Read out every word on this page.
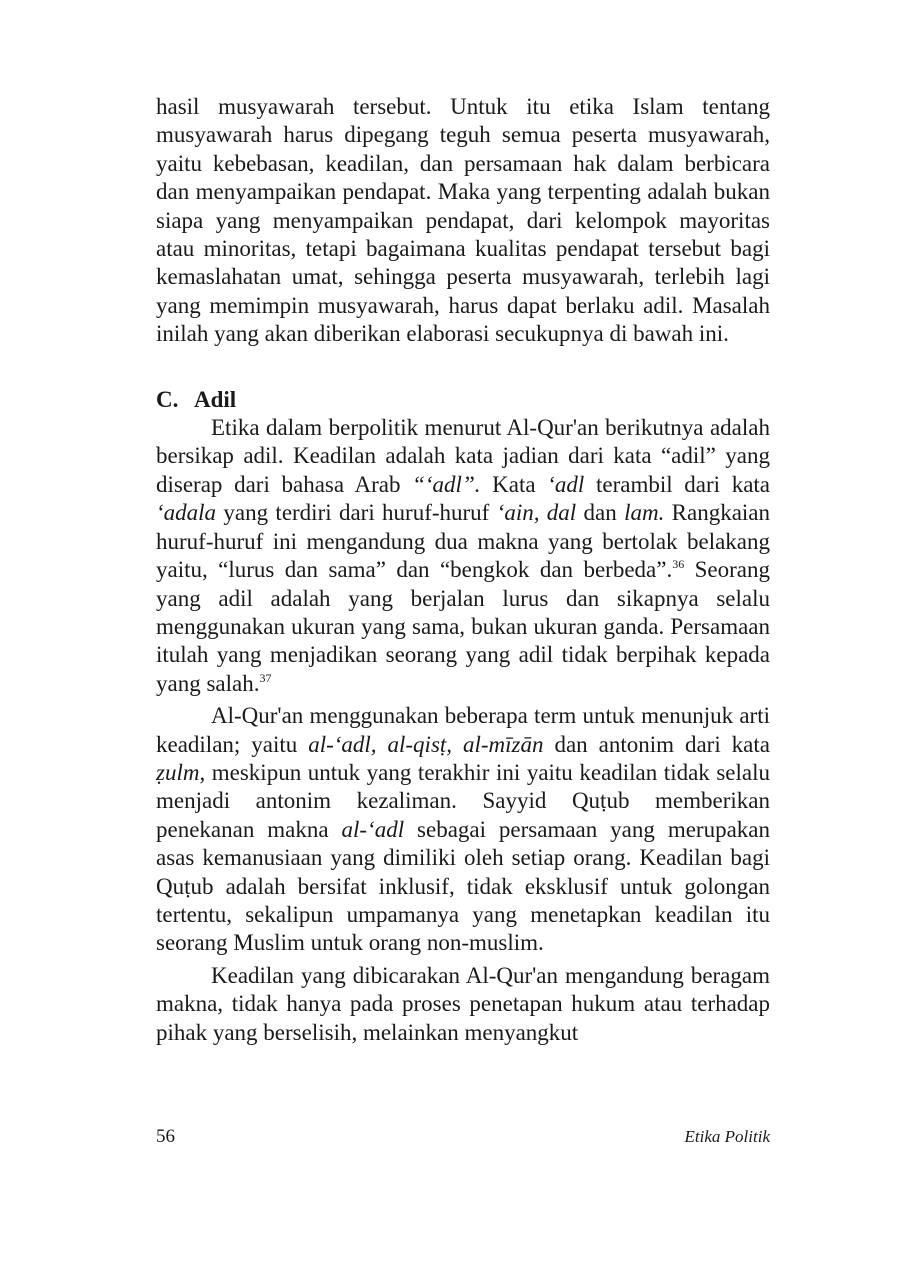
hasil musyawarah tersebut. Untuk itu etika Islam tentang musyawarah harus dipegang teguh semua peserta musyawarah, yaitu kebebasan, keadilan, dan persamaan hak dalam berbicara dan menyampaikan pendapat. Maka yang terpenting adalah bukan siapa yang menyampaikan pendapat, dari kelompok mayoritas atau minoritas, tetapi bagaimana kualitas pendapat tersebut bagi kemaslahatan umat, sehingga peserta musyawarah, terlebih lagi yang memimpin musyawarah, harus dapat berlaku adil. Masalah inilah yang akan diberikan elaborasi secukupnya di bawah ini.

C. Adil

Etika dalam berpolitik menurut Al-Qur'an berikutnya adalah bersikap adil. Keadilan adalah kata jadian dari kata “adil” yang diserap dari bahasa Arab “‘adl”. Kata ‘adl terambil dari kata ‘adala yang terdiri dari huruf-huruf ‘ain, dal dan lam. Rangkaian huruf-huruf ini mengandung dua makna yang bertolak belakang yaitu, “lurus dan sama” dan “bengkok dan berbeda”.$^{36}$ Seorang yang adil adalah yang berjalan lurus dan sikapnya selalu menggunakan ukuran yang sama, bukan ukuran ganda. Persamaan itulah yang menjadikan seorang yang adil tidak berpihak kepada yang salah.$^{37}$

Al-Qur'an menggunakan beberapa term untuk menunjuk arti keadilan; yaitu al-‘adl, al-qisṭ, al-mīzān dan antonim dari kata ẓulm, meskipun untuk yang terakhir ini yaitu keadilan tidak selalu menjadi antonim kezaliman. Sayyid Quṭub memberikan penekanan makna al-‘adl sebagai persamaan yang merupakan asas kemanusiaan yang dimiliki oleh setiap orang. Keadilan bagi Quṭub adalah bersifat inklusif, tidak eksklusif untuk golongan tertentu, sekalipun umpamanya yang menetapkan keadilan itu seorang Muslim untuk orang non-muslim.

Keadilan yang dibicarakan Al-Qur'an mengandung beragam makna, tidak hanya pada proses penetapan hukum atau terhadap pihak yang berselisih, melainkan menyangkut

56	Etika Politik
